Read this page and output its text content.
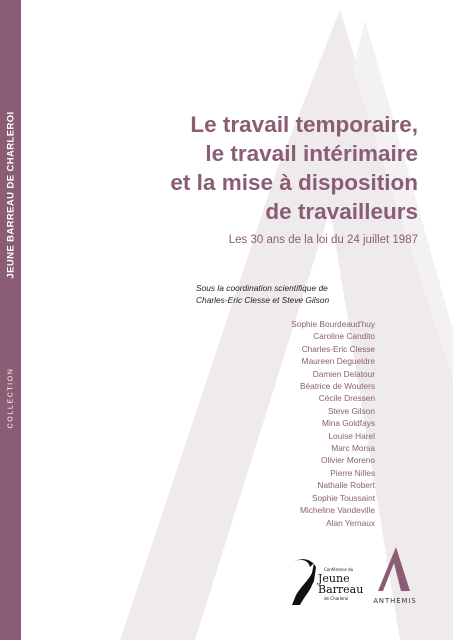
COLLECTION
JEUNE BARREAU DE CHARLEROI	Le travail temporaire,
le travail intérimaire
et la mise à disposition
de travailleurs

Les 30 ans de la loi du 24 juillet 1987

Sous la coordination scientifique de
Charles-Eric Clesse et Steve Gilson
Sophie Bourdeaud'huy
Caroline Candito
Charles-Eric Clesse
Maureen Degueldre
Damien Delatour
Béatrice de Wouters
Cécile Dressen
Steve Gilson
Mina Goldfays
Louise Harel
Marc Morsa
Olivier Moreno
Pierre Nilles
Nathalie Robert
Sophie Toussaint
Micheline Vandeville
Alan Yernaux
Conférence du
Jeune
Barreau
de Charleroi	ANTHEMIS
